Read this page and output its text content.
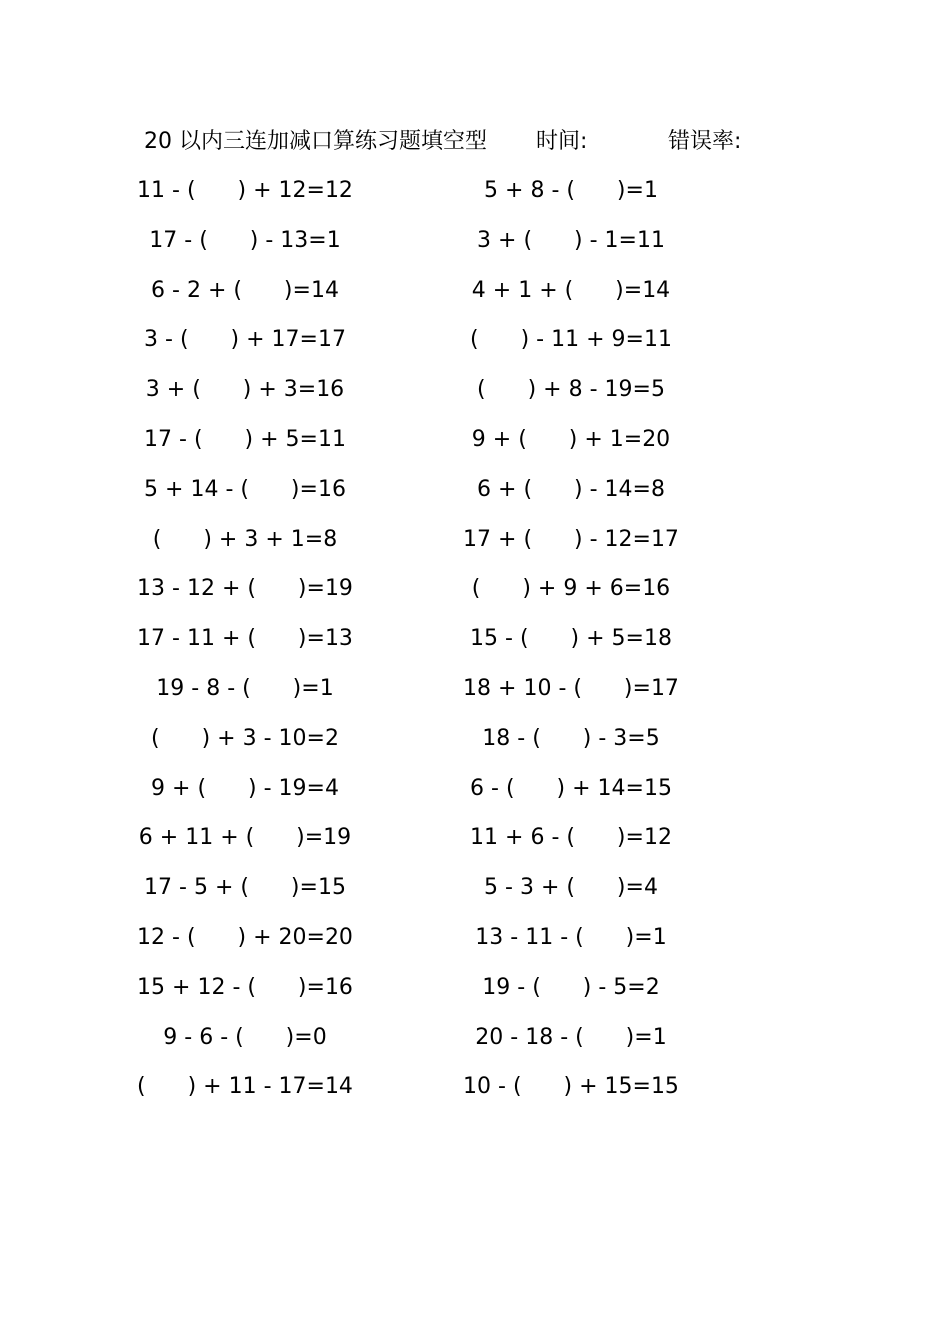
20 以内三连加减口算练习题填空型 时间:	错误率:
11 - (      ) + 12=12
17 - (      ) - 13=1
6 - 2 + (      )=14
3 - (      ) + 17=17
3 + (      ) + 3=16
17 - (      ) + 5=11
5 + 14 - (      )=16
(      ) + 3 + 1=8
13 - 12 + (      )=19
17 - 11 + (      )=13
19 - 8 - (      )=1
(      ) + 3 - 10=2
9 + (      ) - 19=4
6 + 11 + (      )=19
17 - 5 + (      )=15
12 - (      ) + 20=20
15 + 12 - (      )=16
9 - 6 - (      )=0
(      ) + 11 - 17=14
5 + 8 - (      )=1
3 + (      ) - 1=11
4 + 1 + (      )=14
(      ) - 11 + 9=11
(      ) + 8 - 19=5
9 + (      ) + 1=20
6 + (      ) - 14=8
17 + (      ) - 12=17
(      ) + 9 + 6=16
15 - (      ) + 5=18
18 + 10 - (      )=17
18 - (      ) - 3=5
6 - (      ) + 14=15
11 + 6 - (      )=12
5 - 3 + (      )=4
13 - 11 - (      )=1
19 - (      ) - 5=2
20 - 18 - (      )=1
10 - (      ) + 15=15
